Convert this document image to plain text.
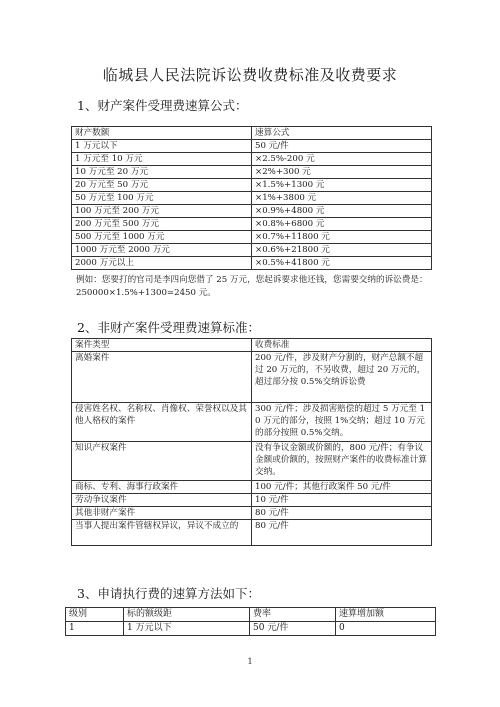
临城县人民法院诉讼费收费标准及收费要求
1、财产案件受理费速算公式：
财产数额	速算公式
1 万元以下	50 元/件
1 万元至 10 万元	×2.5%-200 元
10 万元至 20 万元	×2%+300 元
20 万元至 50 万元	×1.5%+1300 元
50 万元至 100 万元	×1%+3800 元
100 万元至 200 万元	×0.9%+4800 元
200 万元至 500 万元	×0.8%+6800 元
500 万元至 1000 万元	×0.7%+11800 元
1000 万元至 2000 万元	×0.6%+21800 元
2000 万元以上	×0.5%+41800 元
例如：您要打的官司是李四向您借了 25 万元，您起诉要求他还钱，您需要交纳的诉讼费是：250000×1.5%+1300=2450 元。
2、非财产案件受理费速算标准：
案件类型	收费标准
离婚案件	200 元/件，涉及财产分割的，财产总额不超过 20 万元的，不另收费，超过 20 万元的，超过部分按 0.5%交纳诉讼费
侵害姓名权、名称权、肖像权、荣誉权以及其他人格权的案件	300 元/件；涉及损害赔偿的超过 5 万元至 10 万元的部分，按照 1%交纳；超过 10 万元的部分按照 0.5%交纳。
知识产权案件	没有争议金额或价额的，800 元/件；有争议金额或价额的，按照财产案件的收费标准计算交纳。
商标、专利、海事行政案件	100 元/件；其他行政案件 50 元/件
劳动争议案件	10 元/件
其他非财产案件	80 元/件
当事人提出案件管辖权异议，异议不成立的	80 元/件
3、申请执行费的速算方法如下：
级别	标的额级距	费率	速算增加额
1	1 万元以下	50 元/件	0
1
